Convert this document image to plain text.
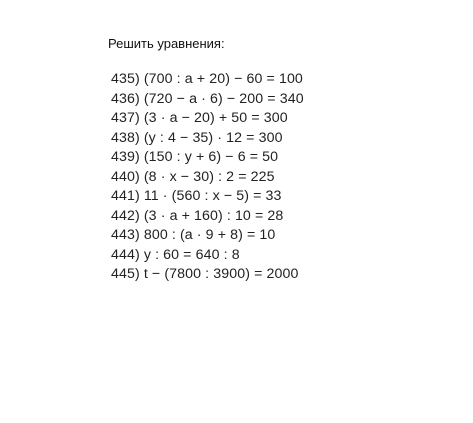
Решить уравнения:
435) (700 : a + 20) − 60 = 100
436) (720 − a · 6) − 200 = 340
437) (3 · a − 20) + 50 = 300
438) (y : 4 − 35) · 12 = 300
439) (150 : y + 6) − 6 = 50
440) (8 · x − 30) : 2 = 225
441) 11 · (560 : x − 5) = 33
442) (3 · a + 160) : 10 = 28
443) 800 : (a · 9 + 8) = 10
444) y : 60 = 640 : 8
445) t − (7800 : 3900) = 2000
